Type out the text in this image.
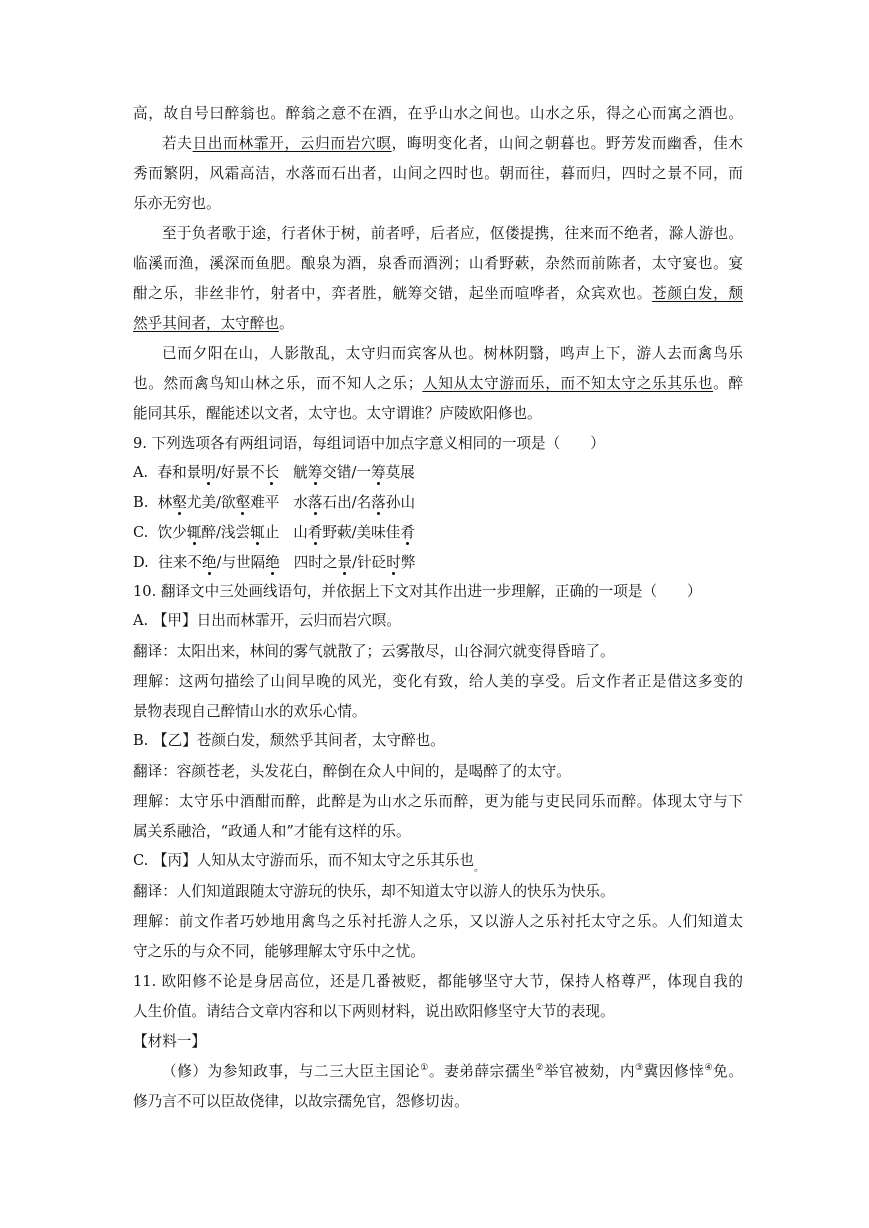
高，故自号曰醉翁也。醉翁之意不在酒，在乎山水之间也。山水之乐，得之心而寓之酒也。
若夫日出而林霏开，云归而岩穴暝，晦明变化者，山间之朝暮也。野芳发而幽香，佳木
秀而繁阴，风霜高洁，水落而石出者，山间之四时也。朝而往，暮而归，四时之景不同，而
乐亦无穷也。
至于负者歌于途，行者休于树，前者呼，后者应，伛偻提携，往来而不绝者，滁人游也。
临溪而渔，溪深而鱼肥。酿泉为酒，泉香而酒洌；山肴野蔌，杂然而前陈者，太守宴也。宴
酣之乐，非丝非竹，射者中，弈者胜，觥筹交错，起坐而喧哗者，众宾欢也。苍颜白发，颓
然乎其间者，太守醉也。
已而夕阳在山，人影散乱，太守归而宾客从也。树林阴翳，鸣声上下，游人去而禽鸟乐
也。然而禽鸟知山林之乐，而不知人之乐；人知从太守游而乐，而不知太守之乐其乐也。醉
能同其乐，醒能述以文者，太守也。太守谓谁？庐陵欧阳修也。
9. 下列选项各有两组词语，每组词语中加点字意义相同的一项是（ ）
A. 春和景明/好景不长 觥筹交错/一筹莫展
B. 林壑尤美/欲壑难平 水落石出/名落孙山
C. 饮少辄醉/浅尝辄止 山肴野蔌/美味佳肴
D. 往来不绝/与世隔绝 四时之景/针砭时弊
10. 翻译文中三处画线语句，并依据上下文对其作出进一步理解，正确的一项是（ ）
A. 【甲】日出而林霏开，云归而岩穴暝。
翻译：太阳出来，林间的雾气就散了；云雾散尽，山谷洞穴就变得昏暗了。
理解：这两句描绘了山间早晚的风光，变化有致，给人美的享受。后文作者正是借这多变的
景物表现自己醉情山水的欢乐心情。
B. 【乙】苍颜白发，颓然乎其间者，太守醉也。
翻译：容颜苍老，头发花白，醉倒在众人中间的，是喝醉了的太守。
理解：太守乐中酒酣而醉，此醉是为山水之乐而醉，更为能与吏民同乐而醉。体现太守与下
属关系融洽，“政通人和”才能有这样的乐。
C. 【丙】人知从太守游而乐，而不知太守之乐其乐也$_。$
翻译：人们知道跟随太守游玩的快乐，却不知道太守以游人的快乐为快乐。
理解：前文作者巧妙地用禽鸟之乐衬托游人之乐，又以游人之乐衬托太守之乐。人们知道太
守之乐的与众不同，能够理解太守乐中之忧。
11. 欧阳修不论是身居高位，还是几番被贬，都能够坚守大节，保持人格尊严，体现自我的
人生价值。请结合文章内容和以下两则材料，说出欧阳修坚守大节的表现。
【材料一】
（修）为参知政事，与二三大臣主国论①。妻弟薛宗孺坐②举官被劾，内③冀因修悻④免。
修乃言不可以臣故侥律，以故宗孺免官，怨修切齿。
